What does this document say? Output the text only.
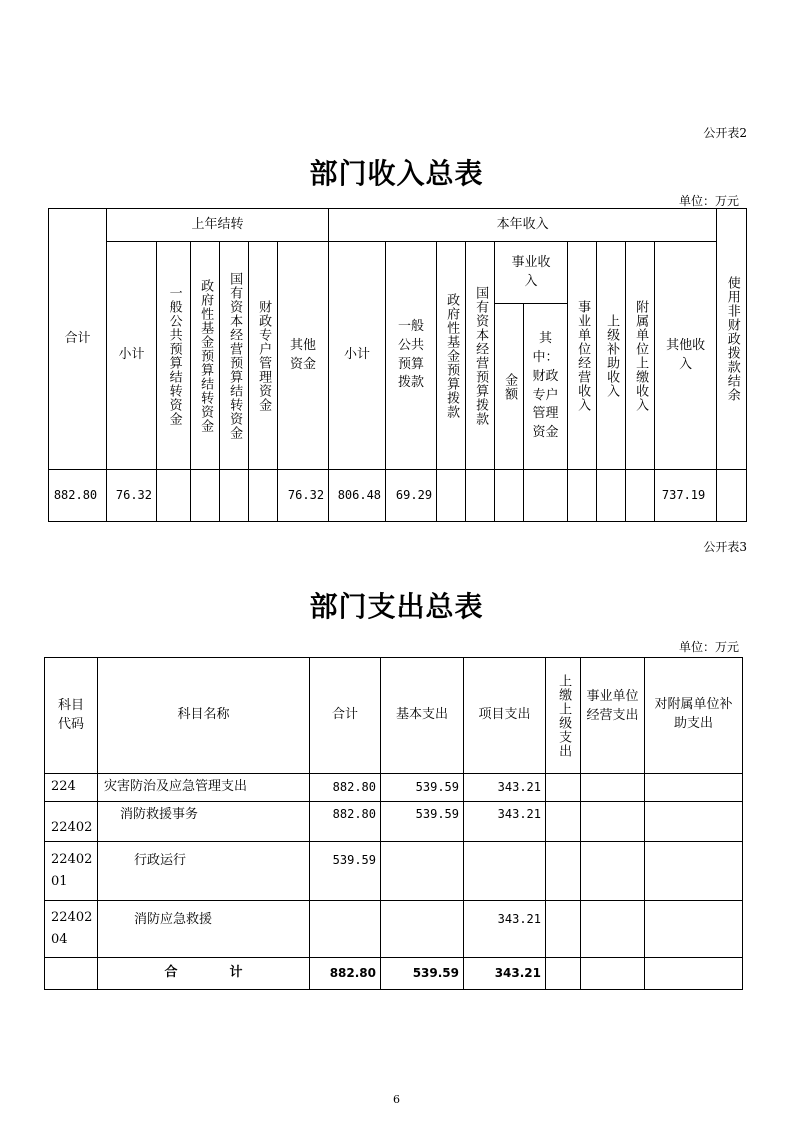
公开表2
部门收入总表
单位：万元
合计	上年结转						本年收入										使用非财政拨款结余

	小计	一般公共预算结转资金	政府性基金预算结转资金	国有资本经营预算结转资金	财政专户管理资金	其他资金	小计	一般公共预算拨款	政府性基金预算拨款	国有资本经营预算拨款	事业收入		事业单位经营收入	上级补助收入	附属单位上缴收入	其他收入	

											金额	其中：财政专户管理资金					
882.80	76.32					76.32	806.48	69.29								737.19	
公开表3
部门支出总表
单位：万元
科目代码	科目名称	合计	基本支出	项目支出	上缴上级支出	事业单位经营支出	对附属单位补助支出
224	灾害防治及应急管理支出	882.80	539.59	343.21			
22402	消防救援事务	882.80	539.59	343.21			
22402
01	行政运行	539.59					
22402
04	消防应急救援			343.21			
	合　　　　计	882.80	539.59	343.21			
6
